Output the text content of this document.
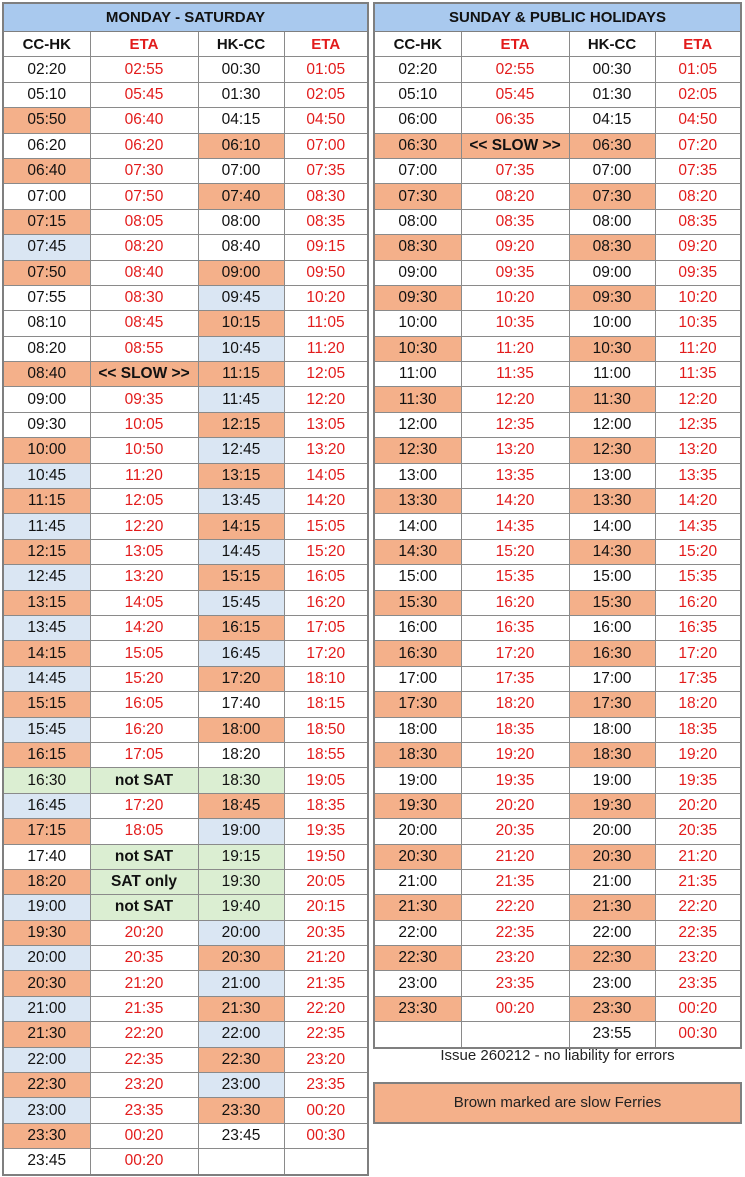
MONDAY - SATURDAY
CC-HK	ETA	HK-CC	ETA
02:20	02:55	00:30	01:05
05:10	05:45	01:30	02:05
05:50	06:40	04:15	04:50
06:20	06:20	06:10	07:00
06:40	07:30	07:00	07:35
07:00	07:50	07:40	08:30
07:15	08:05	08:00	08:35
07:45	08:20	08:40	09:15
07:50	08:40	09:00	09:50
07:55	08:30	09:45	10:20
08:10	08:45	10:15	11:05
08:20	08:55	10:45	11:20
08:40	<< SLOW >>	11:15	12:05
09:00	09:35	11:45	12:20
09:30	10:05	12:15	13:05
10:00	10:50	12:45	13:20
10:45	11:20	13:15	14:05
11:15	12:05	13:45	14:20
11:45	12:20	14:15	15:05
12:15	13:05	14:45	15:20
12:45	13:20	15:15	16:05
13:15	14:05	15:45	16:20
13:45	14:20	16:15	17:05
14:15	15:05	16:45	17:20
14:45	15:20	17:20	18:10
15:15	16:05	17:40	18:15
15:45	16:20	18:00	18:50
16:15	17:05	18:20	18:55
16:30	not SAT	18:30	19:05
16:45	17:20	18:45	18:35
17:15	18:05	19:00	19:35
17:40	not SAT	19:15	19:50
18:20	SAT only	19:30	20:05
19:00	not SAT	19:40	20:15
19:30	20:20	20:00	20:35
20:00	20:35	20:30	21:20
20:30	21:20	21:00	21:35
21:00	21:35	21:30	22:20
21:30	22:20	22:00	22:35
22:00	22:35	22:30	23:20
22:30	23:20	23:00	23:35
23:00	23:35	23:30	00:20
23:30	00:20	23:45	00:30
23:45	00:20		
SUNDAY & PUBLIC HOLIDAYS
CC-HK	ETA	HK-CC	ETA
02:20	02:55	00:30	01:05
05:10	05:45	01:30	02:05
06:00	06:35	04:15	04:50
06:30	<< SLOW >>	06:30	07:20
07:00	07:35	07:00	07:35
07:30	08:20	07:30	08:20
08:00	08:35	08:00	08:35
08:30	09:20	08:30	09:20
09:00	09:35	09:00	09:35
09:30	10:20	09:30	10:20
10:00	10:35	10:00	10:35
10:30	11:20	10:30	11:20
11:00	11:35	11:00	11:35
11:30	12:20	11:30	12:20
12:00	12:35	12:00	12:35
12:30	13:20	12:30	13:20
13:00	13:35	13:00	13:35
13:30	14:20	13:30	14:20
14:00	14:35	14:00	14:35
14:30	15:20	14:30	15:20
15:00	15:35	15:00	15:35
15:30	16:20	15:30	16:20
16:00	16:35	16:00	16:35
16:30	17:20	16:30	17:20
17:00	17:35	17:00	17:35
17:30	18:20	17:30	18:20
18:00	18:35	18:00	18:35
18:30	19:20	18:30	19:20
19:00	19:35	19:00	19:35
19:30	20:20	19:30	20:20
20:00	20:35	20:00	20:35
20:30	21:20	20:30	21:20
21:00	21:35	21:00	21:35
21:30	22:20	21:30	22:20
22:00	22:35	22:00	22:35
22:30	23:20	22:30	23:20
23:00	23:35	23:00	23:35
23:30	00:20	23:30	00:20
		23:55	00:30
Issue 260212 - no liability for errors
Brown marked are slow Ferries
